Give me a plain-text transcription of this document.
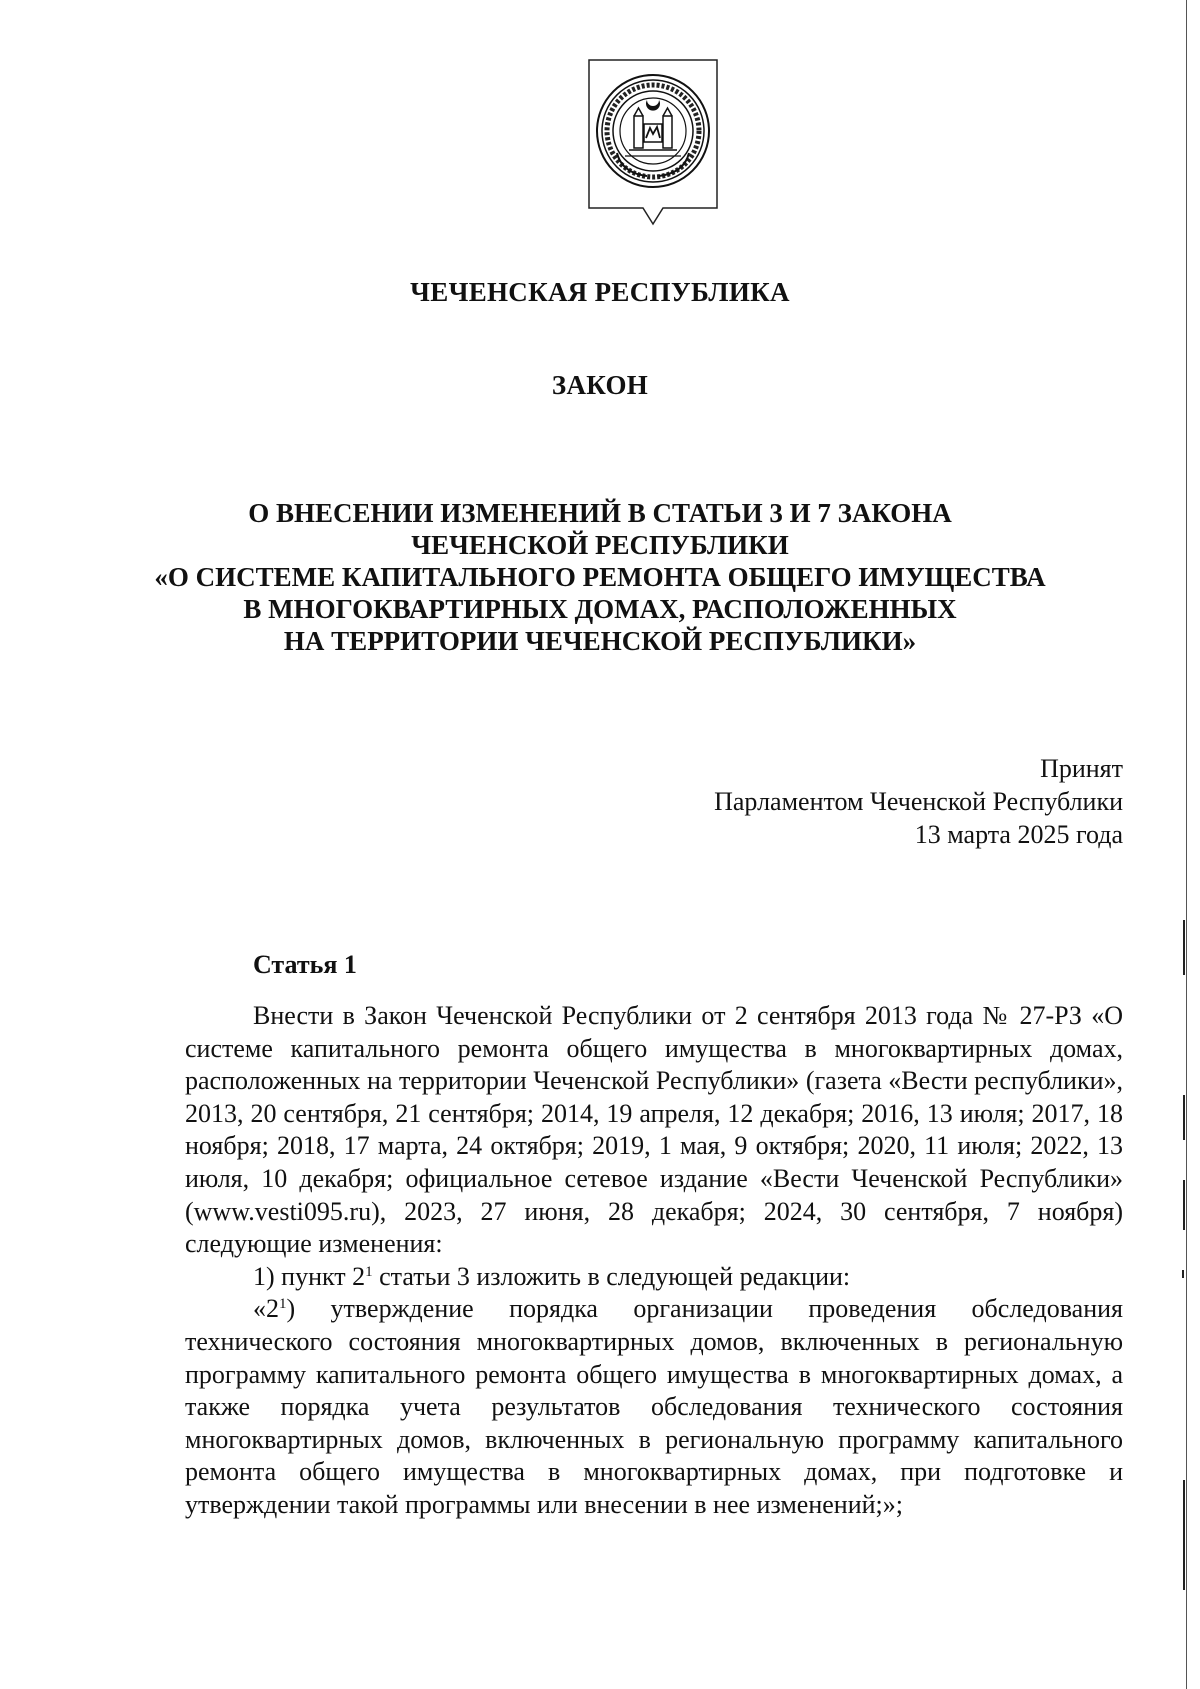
ЧЕЧЕНСКАЯ РЕСПУБЛИКА
ЗАКОН
О ВНЕСЕНИИ ИЗМЕНЕНИЙ В СТАТЬИ 3 И 7 ЗАКОНА
ЧЕЧЕНСКОЙ РЕСПУБЛИКИ
«О СИСТЕМЕ КАПИТАЛЬНОГО РЕМОНТА ОБЩЕГО ИМУЩЕСТВА
В МНОГОКВАРТИРНЫХ ДОМАХ, РАСПОЛОЖЕННЫХ
НА ТЕРРИТОРИИ ЧЕЧЕНСКОЙ РЕСПУБЛИКИ»
Принят
Парламентом Чеченской Республики
13 марта 2025 года
Статья 1

Внести в Закон Чеченской Республики от 2 сентября 2013 года № 27-РЗ «О системе капитального ремонта общего имущества в многоквартирных домах, расположенных на территории Чеченской Республики» (газета «Вести республики», 2013, 20 сентября, 21 сентября; 2014, 19 апреля, 12 декабря; 2016, 13 июля; 2017, 18 ноября; 2018, 17 марта, 24 октября; 2019, 1 мая, 9 октября; 2020, 11 июля; 2022, 13 июля, 10 декабря; официальное сетевое издание «Вести Чеченской Республики» (www.vesti095.ru), 2023, 27 июня, 28 декабря; 2024, 30 сентября, 7 ноября) следующие изменения:

1) пункт $2^1$ статьи 3 изложить в следующей редакции:

«$2^1$) утверждение порядка организации проведения обследования технического состояния многоквартирных домов, включенных в региональную программу капитального ремонта общего имущества в многоквартирных домах, а также порядка учета результатов обследования технического состояния многоквартирных домов, включенных в региональную программу капитального ремонта общего имущества в многоквартирных домах, при подготовке и утверждении такой программы или внесении в нее изменений;»;
